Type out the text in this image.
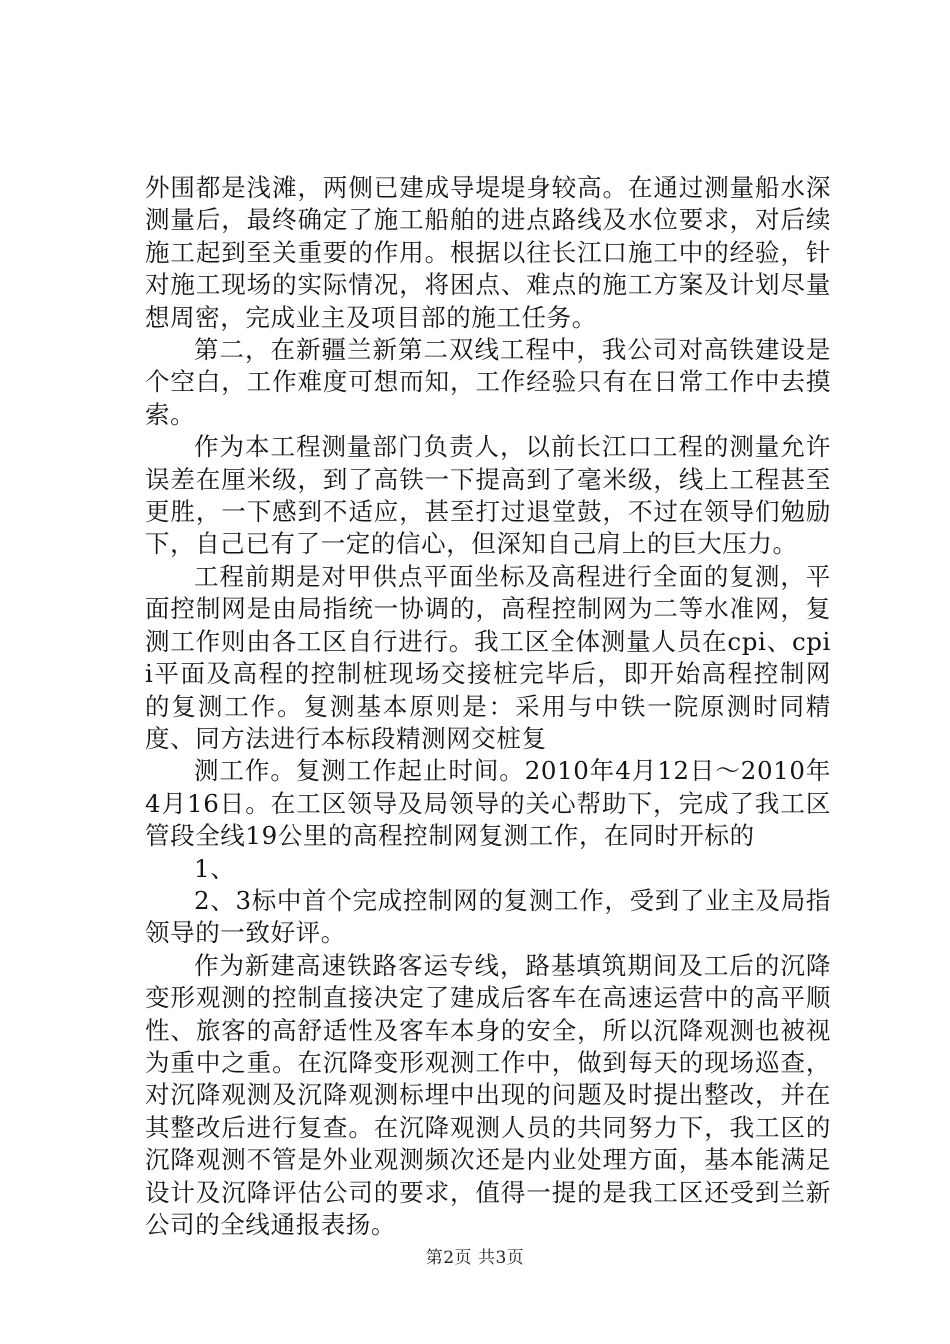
外围都是浅滩，两侧已建成导堤堤身较高。在通过测量船水深测量后，最终确定了施工船舶的进点路线及水位要求，对后续施工起到至关重要的作用。根据以往长江口施工中的经验，针对施工现场的实际情况，将困点、难点的施工方案及计划尽量想周密，完成业主及项目部的施工任务。

第二，在新疆兰新第二双线工程中，我公司对高铁建设是个空白，工作难度可想而知，工作经验只有在日常工作中去摸索。

作为本工程测量部门负责人，以前长江口工程的测量允许误差在厘米级，到了高铁一下提高到了毫米级，线上工程甚至更胜，一下感到不适应，甚至打过退堂鼓，不过在领导们勉励下，自己已有了一定的信心，但深知自己肩上的巨大压力。

工程前期是对甲供点平面坐标及高程进行全面的复测，平面控制网是由局指统一协调的，高程控制网为二等水准网，复测工作则由各工区自行进行。我工区全体测量人员在cpi、cpii平面及高程的控制桩现场交接桩完毕后，即开始高程控制网的复测工作。复测基本原则是：采用与中铁一院原测时同精度、同方法进行本标段精测网交桩复

测工作。复测工作起止时间。2010年4月12日～2010年4月16日。在工区领导及局领导的关心帮助下，完成了我工区管段全线19公里的高程控制网复测工作，在同时开标的

1、

2、3标中首个完成控制网的复测工作，受到了业主及局指领导的一致好评。

作为新建高速铁路客运专线，路基填筑期间及工后的沉降变形观测的控制直接决定了建成后客车在高速运营中的高平顺性、旅客的高舒适性及客车本身的安全，所以沉降观测也被视为重中之重。在沉降变形观测工作中，做到每天的现场巡查，对沉降观测及沉降观测标埋中出现的问题及时提出整改，并在其整改后进行复查。在沉降观测人员的共同努力下，我工区的沉降观测不管是外业观测频次还是内业处理方面，基本能满足设计及沉降评估公司的要求，值得一提的是我工区还受到兰新公司的全线通报表扬。

第2页 共3页
